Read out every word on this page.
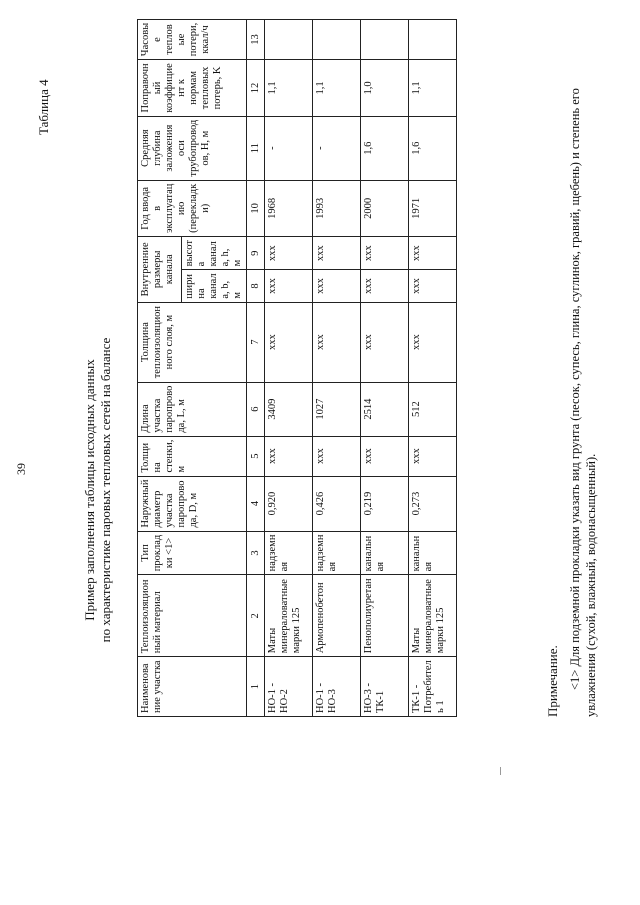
39
Таблица 4
Пример заполнения таблицы исходных данных по характеристике паровых тепловых сетей на балансе
Наименова ние участка	Теплоизоляцион ный материал	Тип проклад ки <1>	Наружный диаметр участка паропрово да, D, м	Толщи на стенки, м	Длина участка паропрово да, L, м	Толщина теплоизоляцион ного слоя, м	Внутренние размеры канала		Год ввода в эксплуатац ию (перекладк и)	Средняя глубина заложения оси трубопровод ов, Н, м	Поправочн ый коэффицие нт к нормам тепловых потерь, K	Часовы е теплов ые потери, ккал/ч
							шири на канал а, b, м	высот а канал а, h, м				
1	2	3	4	5	6	7	8	9	10	11	12	13
НО-1 - НО-2	Маты минераловатные марки 125	надземн ая	0,920	ххх	3409	ххх	ххх	ххх	1968	-	1,1	
НО-1 - НО-3	Армопенобетон	надземн ая	0,426	ххх	1027	ххх	ххх	ххх	1993	-	1,1	
НО-3 - ТК-1	Пенополиуретан	канальн ая	0,219	ххх	2514	ххх	ххх	ххх	2000	1,6	1,0	
ТК-1 - Потребител ь 1	Маты минераловатные марки 125	канальн ая	0,273	ххх	512	ххх	ххх	ххх	1971	1,6	1,1	
Примечание. <1> Для подземной прокладки указать вид грунта (песок, супесь, глина, суглинок, гравий, щебень) и степень его увлажнения (сухой, влажный, водонасыщенный).
